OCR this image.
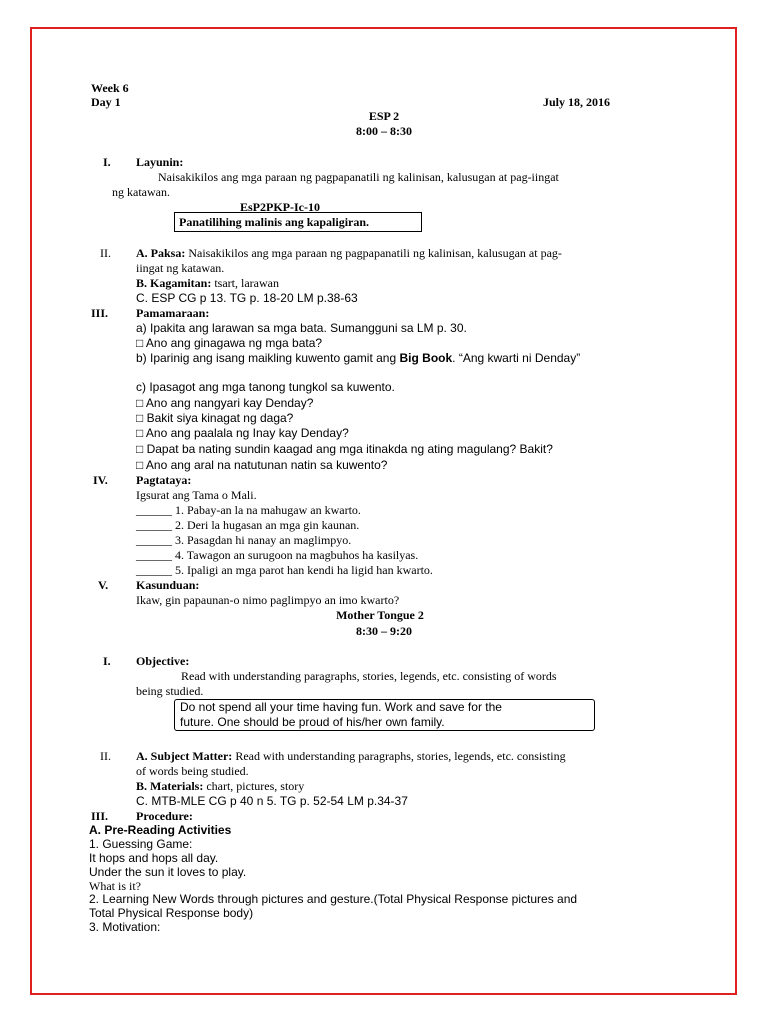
Week 6
Day 1	July 18, 2016
ESP 2
8:00 – 8:30
I. Layunin:
Naisakikilos ang mga paraan ng pagpapanatili ng kalinisan, kalusugan at pag-iingat
ng katawan.
EsP2PKP-Ic-10
Panatilihing malinis ang kapaligiran.
II. A. Paksa: Naisakikilos ang mga paraan ng pagpapanatili ng kalinisan, kalusugan at pag-
iingat ng katawan.
B. Kagamitan: tsart, larawan
C. ESP CG p 13. TG p. 18-20 LM p.38-63
III. Pamamaraan:
a) Ipakita ang larawan sa mga bata. Sumangguni sa LM p. 30.
□ Ano ang ginagawa ng mga bata?
b) Iparinig ang isang maikling kuwento gamit ang Big Book. “Ang kwarti ni Denday”
c) Ipasagot ang mga tanong tungkol sa kuwento.
□ Ano ang nangyari kay Denday?
□ Bakit siya kinagat ng daga?
□ Ano ang paalala ng Inay kay Denday?
□ Dapat ba nating sundin kaagad ang mga itinakda ng ating magulang? Bakit?
□ Ano ang aral na natutunan natin sa kuwento?
IV. Pagtataya:
Igsurat ang Tama o Mali.
______ 1. Pabay-an la na mahugaw an kwarto.
______ 2. Deri la hugasan an mga gin kaunan.
______ 3. Pasagdan hi nanay an maglimpyo.
______ 4. Tawagon an surugoon na magbuhos ha kasilyas.
______ 5. Ipaligi an mga parot han kendi ha ligid han kwarto.
V. Kasunduan:
Ikaw, gin papaunan-o nimo paglimpyo an imo kwarto?
Mother Tongue 2
8:30 – 9:20
I. Objective:
Read with understanding paragraphs, stories, legends, etc. consisting of words
being studied.
Do not spend all your time having fun. Work and save for the
future. One should be proud of his/her own family.
II. A. Subject Matter: Read with understanding paragraphs, stories, legends, etc. consisting
of words being studied.
B. Materials: chart, pictures, story
C. MTB-MLE CG p 40 n 5. TG p. 52-54 LM p.34-37
III. Procedure:
A. Pre-Reading Activities
1. Guessing Game:
It hops and hops all day.
Under the sun it loves to play.
What is it?
2. Learning New Words through pictures and gesture.(Total Physical Response pictures and
Total Physical Response body)
3. Motivation:
